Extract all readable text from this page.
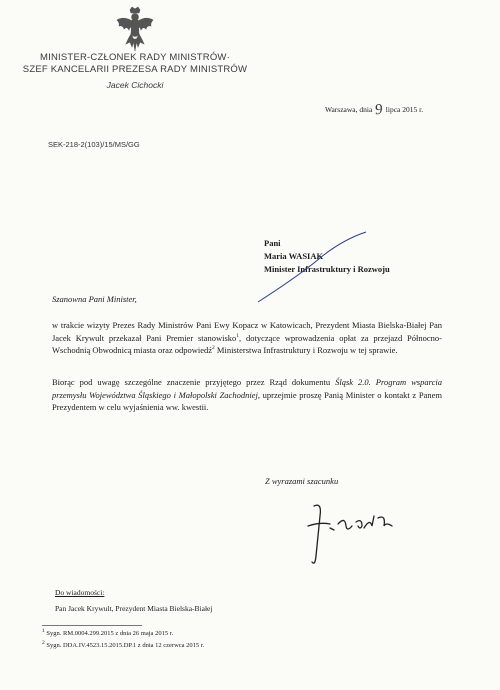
MINISTER-CZŁONEK RADY MINISTRÓW·
SZEF KANCELARII PREZESA RADY MINISTRÓW
Jacek Cichocki
Warszawa, dnia 9 lipca 2015 r.
SEK-218-2(103)/15/MS/GG
Pani
Maria WASIAK
Minister Infrastruktury i Rozwoju
Szanowna Pani Minister,
w trakcie wizyty Prezes Rady Ministrów Pani Ewy Kopacz w Katowicach, Prezydent Miasta Bielska-Białej Pan Jacek Krywult przekazał Pani Premier stanowisko$^1$, dotyczące wprowadzenia opłat za przejazd Północno-Wschodnią Obwodnicą miasta oraz odpowiedź$^2$ Ministerstwa Infrastruktury i Rozwoju w tej sprawie.
Biorąc pod uwagę szczególne znaczenie przyjętego przez Rząd dokumentu Śląsk 2.0. Program wsparcia przemysłu Województwa Śląskiego i Małopolski Zachodniej, uprzejmie proszę Panią Minister o kontakt z Panem Prezydentem w celu wyjaśnienia ww. kwestii.
Z wyrazami szacunku
Do wiadomości:
Pan Jacek Krywult, Prezydent Miasta Bielska-Białej
$^1$ Sygn. RM.0004.299.2015 z dnia 26 maja 2015 r.
$^2$ Sygn. DDA.IV.4523.15.2015.DP.1 z dnia 12 czerwca 2015 r.
